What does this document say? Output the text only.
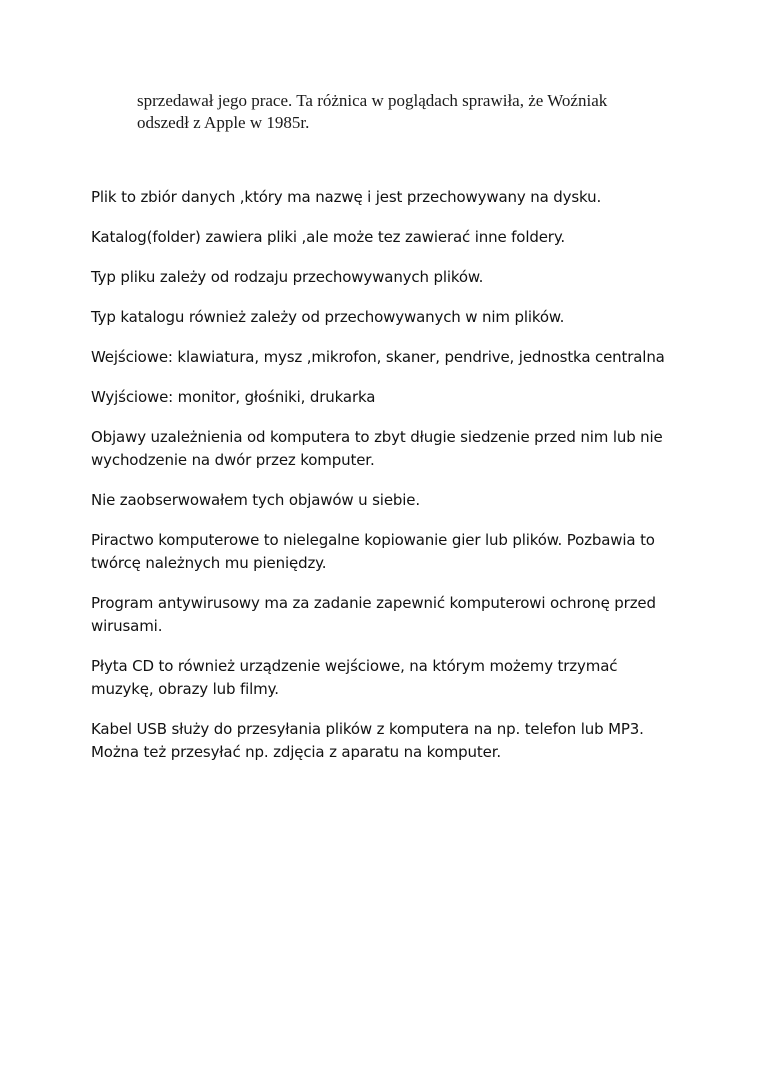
sprzedawał jego prace. Ta różnica w poglądach sprawiła, że Woźniak

odszedł z Apple w 1985r.

Plik to zbiór danych ,który ma nazwę i jest przechowywany na dysku.

Katalog(folder) zawiera pliki ,ale może tez zawierać inne foldery.

Typ pliku zależy od rodzaju przechowywanych plików.

Typ katalogu również zależy od przechowywanych w nim plików.

Wejściowe: klawiatura, mysz ,mikrofon, skaner, pendrive, jednostka centralna

Wyjściowe: monitor, głośniki, drukarka

Objawy uzależnienia od komputera to zbyt długie siedzenie przed nim lub nie wychodzenie na dwór przez komputer.

Nie zaobserwowałem tych objawów u siebie.

Piractwo komputerowe to nielegalne kopiowanie gier lub plików. Pozbawia to twórcę należnych mu pieniędzy.

Program antywirusowy ma za zadanie zapewnić komputerowi ochronę przed wirusami.

Płyta CD to również urządzenie wejściowe, na którym możemy trzymać muzykę, obrazy lub filmy.

Kabel USB służy do przesyłania plików z komputera na np. telefon lub MP3. Można też przesyłać np. zdjęcia z aparatu na komputer.
